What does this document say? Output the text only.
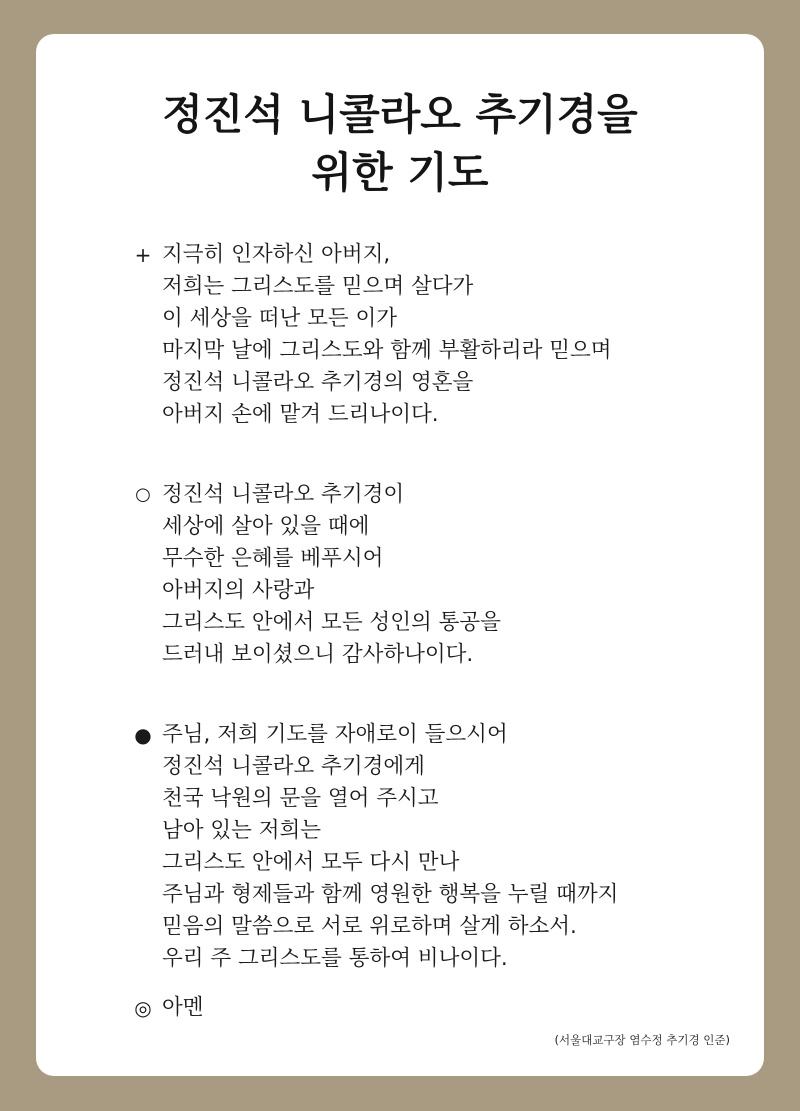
정진석 니콜라오 추기경을
위한 기도
+ 지극히 인자하신 아버지,
저희는 그리스도를 믿으며 살다가
이 세상을 떠난 모든 이가
마지막 날에 그리스도와 함께 부활하리라 믿으며
정진석 니콜라오 추기경의 영혼을
아버지 손에 맡겨 드리나이다.
○ 정진석 니콜라오 추기경이
세상에 살아 있을 때에
무수한 은혜를 베푸시어
아버지의 사랑과
그리스도 안에서 모든 성인의 통공을
드러내 보이셨으니 감사하나이다.
● 주님, 저희 기도를 자애로이 들으시어
정진석 니콜라오 추기경에게
천국 낙원의 문을 열어 주시고
남아 있는 저희는
그리스도 안에서 모두 다시 만나
주님과 형제들과 함께 영원한 행복을 누릴 때까지
믿음의 말씀으로 서로 위로하며 살게 하소서.
우리 주 그리스도를 통하여 비나이다.
◎ 아멘
(서울대교구장 염수정 추기경 인준)
